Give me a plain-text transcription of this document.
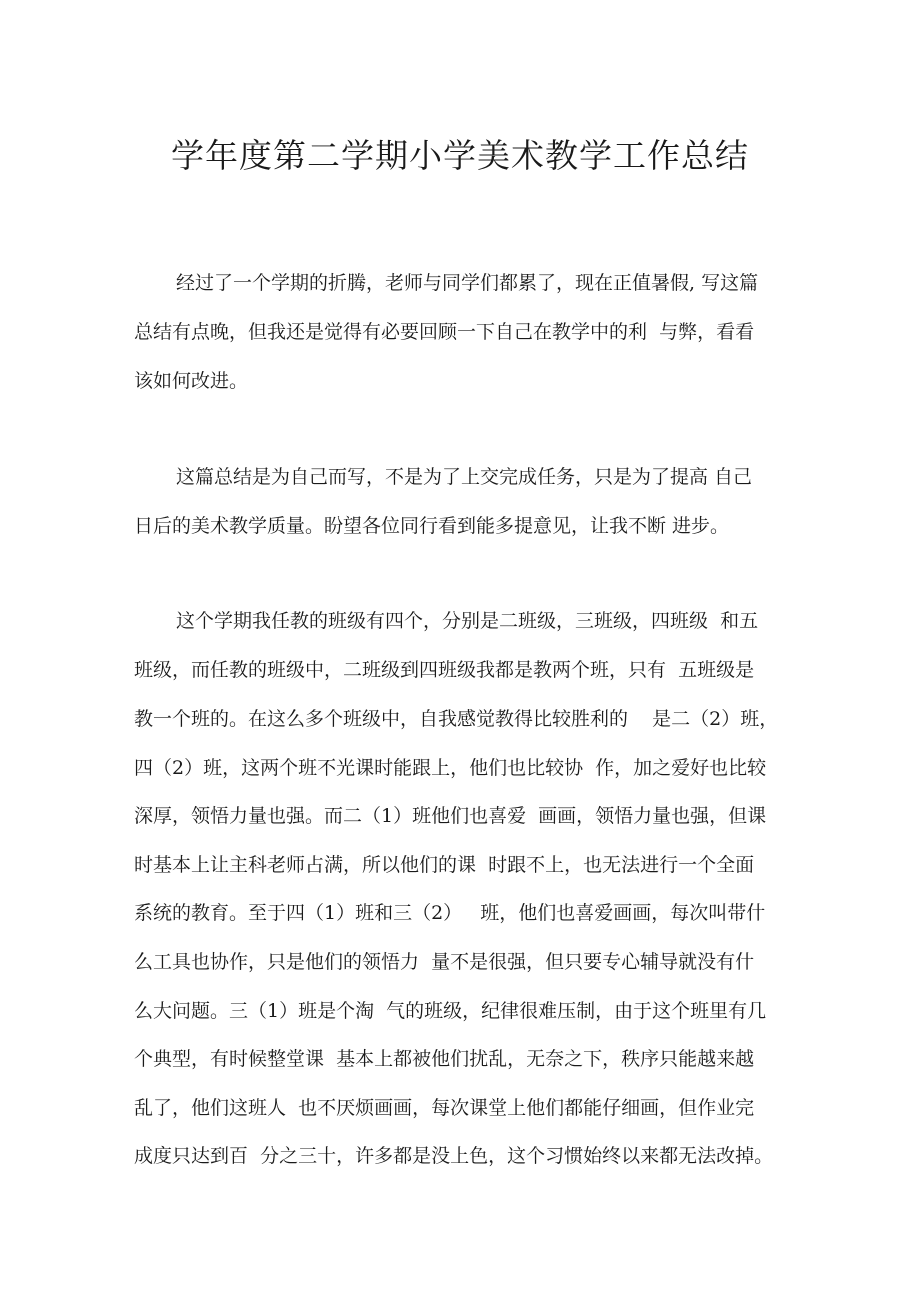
学年度第二学期小学美术教学工作总结
经过了一个学期的折腾，老师与同学们都累了，现在正值暑假, 写这篇
总结有点晚，但我还是觉得有必要回顾一下自己在教学中的利  与弊，看看
该如何改进。
这篇总结是为自己而写，不是为了上交完成任务，只是为了提高 自己
日后的美术教学质量。盼望各位同行看到能多提意见，让我不断 进步。
这个学期我任教的班级有四个，分别是二班级，三班级，四班级  和五
班级，而任教的班级中，二班级到四班级我都是教两个班，只有  五班级是
教一个班的。在这么多个班级中，自我感觉教得比较胜利的    是二（2）班，
四（2）班，这两个班不光课时能跟上，他们也比较协  作，加之爱好也比较
深厚，领悟力量也强。而二（1）班他们也喜爱  画画，领悟力量也强，但课
时基本上让主科老师占满，所以他们的课  时跟不上，也无法进行一个全面
系统的教育。至于四（1）班和三（2）   班，他们也喜爱画画，每次叫带什
么工具也协作，只是他们的领悟力  量不是很强，但只要专心辅导就没有什
么大问题。三（1）班是个淘  气的班级，纪律很难压制，由于这个班里有几
个典型，有时候整堂课  基本上都被他们扰乱，无奈之下，秩序只能越来越
乱了，他们这班人  也不厌烦画画，每次课堂上他们都能仔细画，但作业完
成度只达到百  分之三十，许多都是没上色，这个习惯始终以来都无法改掉。
